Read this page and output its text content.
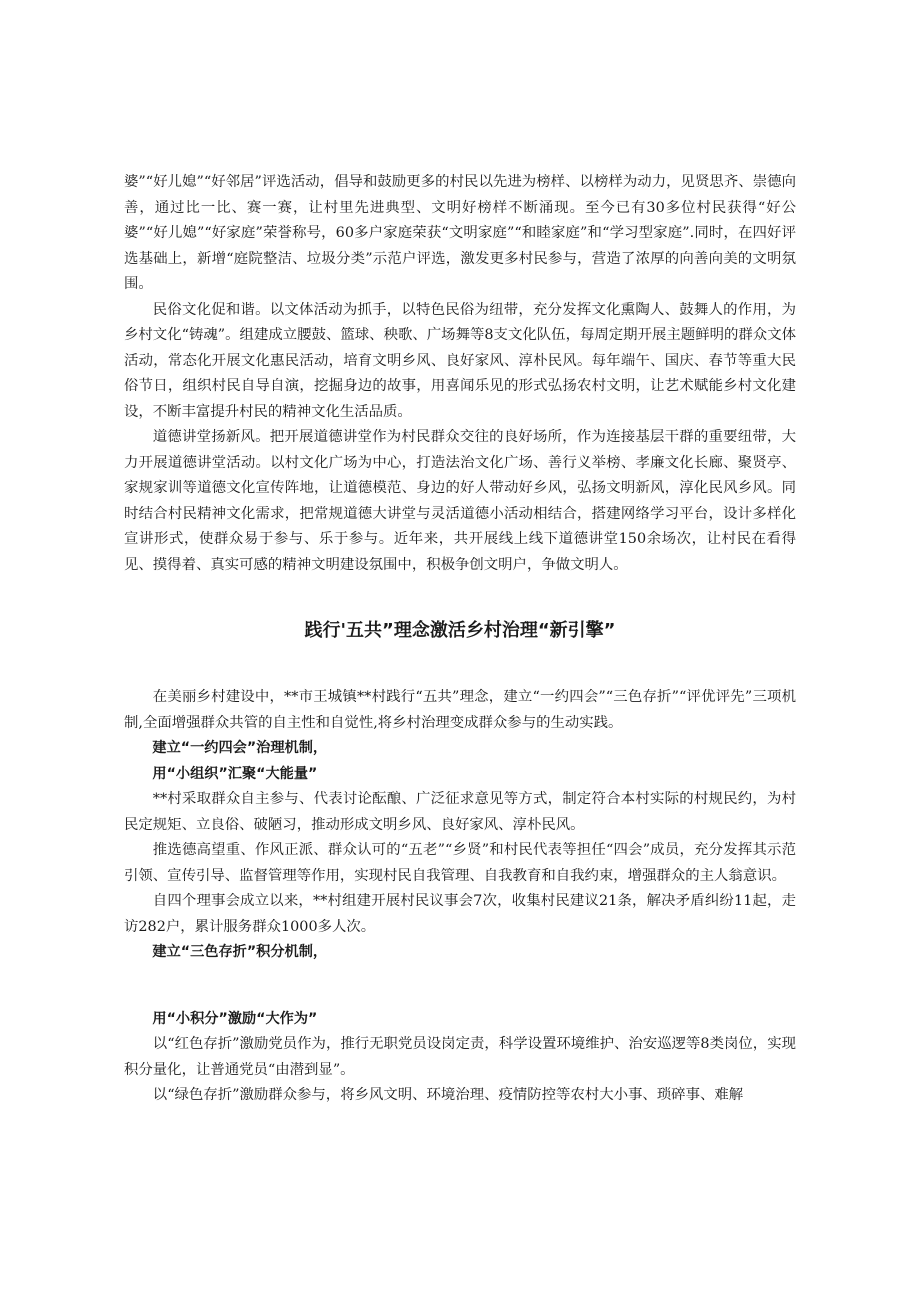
婆”“好儿媳”“好邻居”评选活动，倡导和鼓励更多的村民以先进为榜样、以榜样为动力，见贤思齐、崇德向善，通过比一比、赛一赛，让村里先进典型、文明好榜样不断涌现。至今已有30多位村民获得“好公婆”“好儿媳”“好家庭”荣誉称号，60多户家庭荣获“文明家庭”“和睦家庭”和“学习型家庭”.同时，在四好评选基础上，新增“庭院整洁、垃圾分类”示范户评选，激发更多村民参与，营造了浓厚的向善向美的文明氛围。

民俗文化促和谐。以文体活动为抓手，以特色民俗为纽带，充分发挥文化熏陶人、鼓舞人的作用，为乡村文化“铸魂”。组建成立腰鼓、篮球、秧歌、广场舞等8支文化队伍，每周定期开展主题鲜明的群众文体活动，常态化开展文化惠民活动，培育文明乡风、良好家风、淳朴民风。每年端午、国庆、春节等重大民俗节日，组织村民自导自演，挖掘身边的故事，用喜闻乐见的形式弘扬农村文明，让艺术赋能乡村文化建设，不断丰富提升村民的精神文化生活品质。

道德讲堂扬新风。把开展道德讲堂作为村民群众交往的良好场所，作为连接基层干群的重要纽带，大力开展道德讲堂活动。以村文化广场为中心，打造法治文化广场、善行义举榜、孝廉文化长廊、聚贤亭、家规家训等道德文化宣传阵地，让道德模范、身边的好人带动好乡风，弘扬文明新风，淳化民风乡风。同时结合村民精神文化需求，把常规道德大讲堂与灵活道德小活动相结合，搭建网络学习平台，设计多样化宣讲形式，使群众易于参与、乐于参与。近年来，共开展线上线下道德讲堂150余场次，让村民在看得见、摸得着、真实可感的精神文明建设氛围中，积极争创文明户，争做文明人。

践行'五共”理念激活乡村治理“新引擎”

在美丽乡村建设中，**市王城镇**村践行“五共”理念，建立“一约四会”“三色存折”“评优评先”三项机制,全面增强群众共管的自主性和自觉性,将乡村治理变成群众参与的生动实践。

建立“一约四会”治理机制，

用“小组织”汇聚“大能量”

**村采取群众自主参与、代表讨论酝酿、广泛征求意见等方式，制定符合本村实际的村规民约，为村民定规矩、立良俗、破陋习，推动形成文明乡风、良好家风、淳朴民风。

推选德高望重、作风正派、群众认可的“五老”“乡贤”和村民代表等担任“四会”成员，充分发挥其示范引领、宣传引导、监督管理等作用，实现村民自我管理、自我教育和自我约束，增强群众的主人翁意识。

自四个理事会成立以来，**村组建开展村民议事会7次，收集村民建议21条，解决矛盾纠纷11起，走访282户，累计服务群众1000多人次。

建立“三色存折”积分机制，

用“小积分”激励“大作为”

以“红色存折”激励党员作为，推行无职党员设岗定责，科学设置环境维护、治安巡逻等8类岗位，实现积分量化，让普通党员“由潜到显”。

以“绿色存折”激励群众参与，将乡风文明、环境治理、疫情防控等农村大小事、琐碎事、难解
